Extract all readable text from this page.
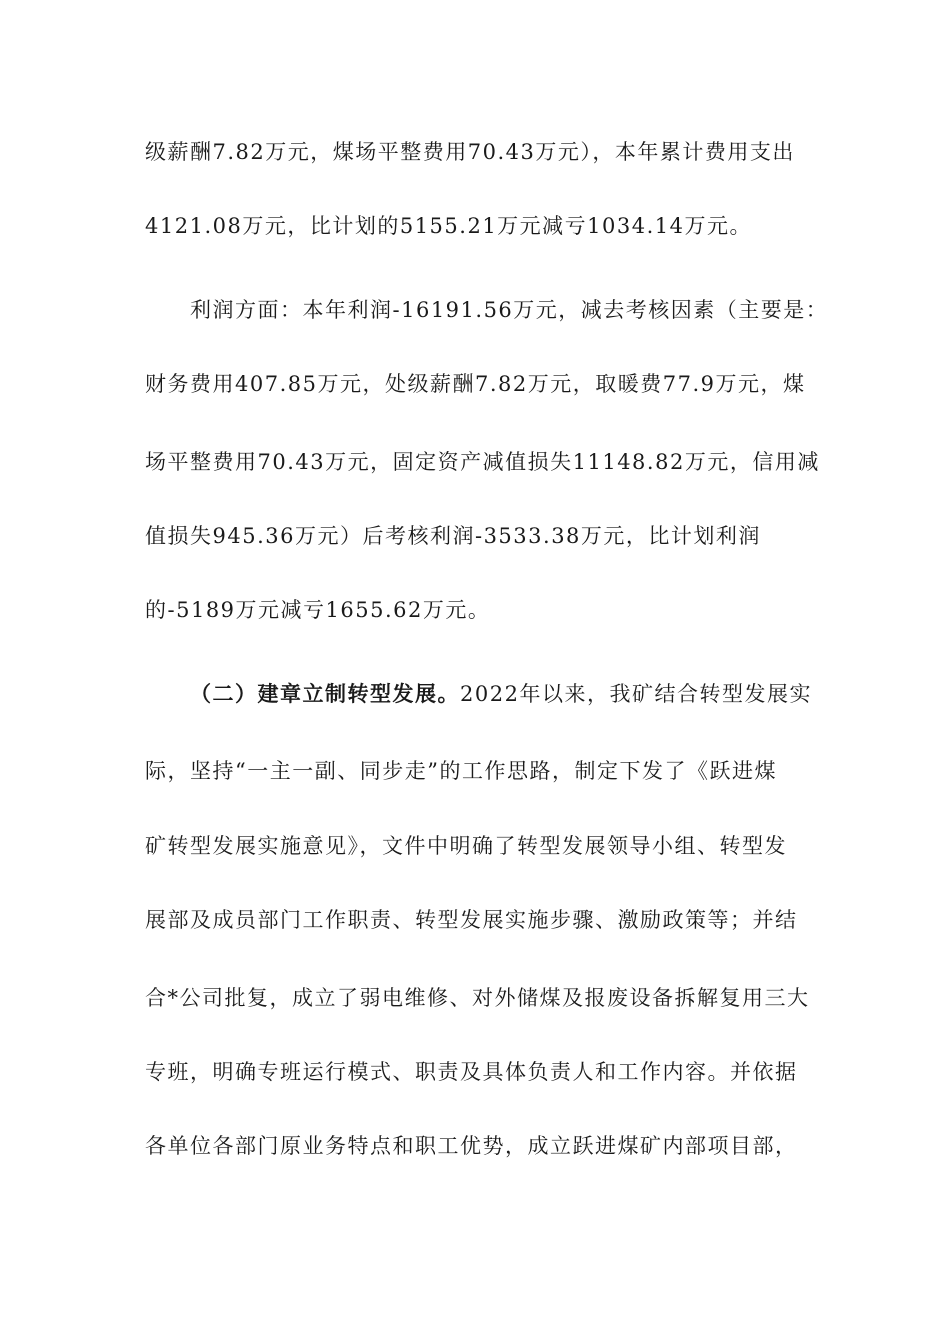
级薪酬7.82万元，煤场平整费用70.43万元），本年累计费用支出
4121.08万元，比计划的5155.21万元减亏1034.14万元。
利润方面：本年利润-16191.56万元，减去考核因素（主要是：
财务费用407.85万元，处级薪酬7.82万元，取暖费77.9万元，煤
场平整费用70.43万元，固定资产减值损失11148.82万元，信用减
值损失945.36万元）后考核利润-3533.38万元，比计划利润
的-5189万元减亏1655.62万元。
（二）建章立制转型发展。2022年以来，我矿结合转型发展实
际，坚持“一主一副、同步走”的工作思路，制定下发了《跃进煤
矿转型发展实施意见》，文件中明确了转型发展领导小组、转型发
展部及成员部门工作职责、转型发展实施步骤、激励政策等；并结
合*公司批复，成立了弱电维修、对外储煤及报废设备拆解复用三大
专班，明确专班运行模式、职责及具体负责人和工作内容。并依据
各单位各部门原业务特点和职工优势，成立跃进煤矿内部项目部，
